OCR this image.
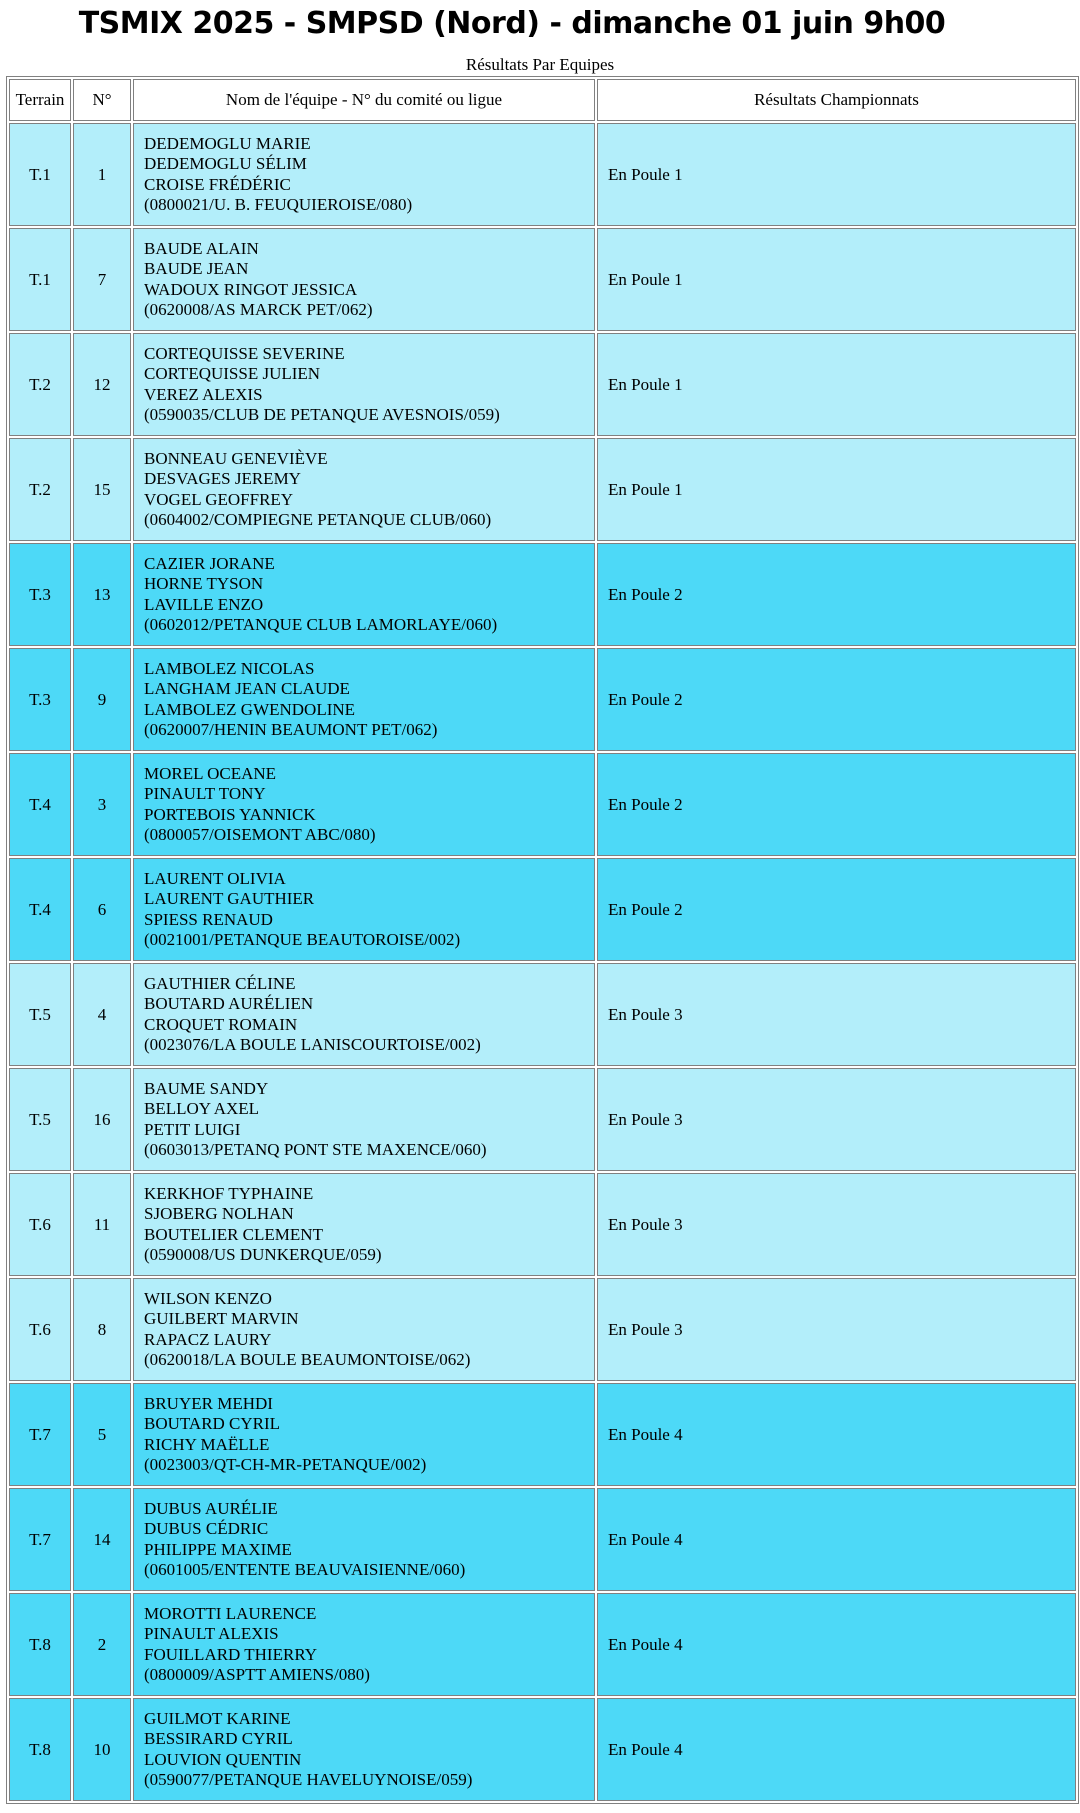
TSMIX 2025 - SMPSD (Nord) - dimanche 01 juin 9h00
Résultats Par Equipes
Terrain	N°	Nom de l'équipe - N° du comité ou ligue	Résultats Championnats
T.1	1	DEDEMOGLU MARIE
DEDEMOGLU SÉLIM
CROISE FRÉDÉRIC
(0800021/U. B. FEUQUIEROISE/080)	En Poule 1
T.1	7	BAUDE ALAIN
BAUDE JEAN
WADOUX RINGOT JESSICA
(0620008/AS MARCK PET/062)	En Poule 1
T.2	12	CORTEQUISSE SEVERINE
CORTEQUISSE JULIEN
VEREZ ALEXIS
(0590035/CLUB DE PETANQUE AVESNOIS/059)	En Poule 1
T.2	15	BONNEAU GENEVIÈVE
DESVAGES JEREMY
VOGEL GEOFFREY
(0604002/COMPIEGNE PETANQUE CLUB/060)	En Poule 1
T.3	13	CAZIER JORANE
HORNE TYSON
LAVILLE ENZO
(0602012/PETANQUE CLUB LAMORLAYE/060)	En Poule 2
T.3	9	LAMBOLEZ NICOLAS
LANGHAM JEAN CLAUDE
LAMBOLEZ GWENDOLINE
(0620007/HENIN BEAUMONT PET/062)	En Poule 2
T.4	3	MOREL OCEANE
PINAULT TONY
PORTEBOIS YANNICK
(0800057/OISEMONT ABC/080)	En Poule 2
T.4	6	LAURENT OLIVIA
LAURENT GAUTHIER
SPIESS RENAUD
(0021001/PETANQUE BEAUTOROISE/002)	En Poule 2
T.5	4	GAUTHIER CÉLINE
BOUTARD AURÉLIEN
CROQUET ROMAIN
(0023076/LA BOULE LANISCOURTOISE/002)	En Poule 3
T.5	16	BAUME SANDY
BELLOY AXEL
PETIT LUIGI
(0603013/PETANQ PONT STE MAXENCE/060)	En Poule 3
T.6	11	KERKHOF TYPHAINE
SJOBERG NOLHAN
BOUTELIER CLEMENT
(0590008/US DUNKERQUE/059)	En Poule 3
T.6	8	WILSON KENZO
GUILBERT MARVIN
RAPACZ LAURY
(0620018/LA BOULE BEAUMONTOISE/062)	En Poule 3
T.7	5	BRUYER MEHDI
BOUTARD CYRIL
RICHY MAËLLE
(0023003/QT-CH-MR-PETANQUE/002)	En Poule 4
T.7	14	DUBUS AURÉLIE
DUBUS CÉDRIC
PHILIPPE MAXIME
(0601005/ENTENTE BEAUVAISIENNE/060)	En Poule 4
T.8	2	MOROTTI LAURENCE
PINAULT ALEXIS
FOUILLARD THIERRY
(0800009/ASPTT AMIENS/080)	En Poule 4
T.8	10	GUILMOT KARINE
BESSIRARD CYRIL
LOUVION QUENTIN
(0590077/PETANQUE HAVELUYNOISE/059)	En Poule 4
